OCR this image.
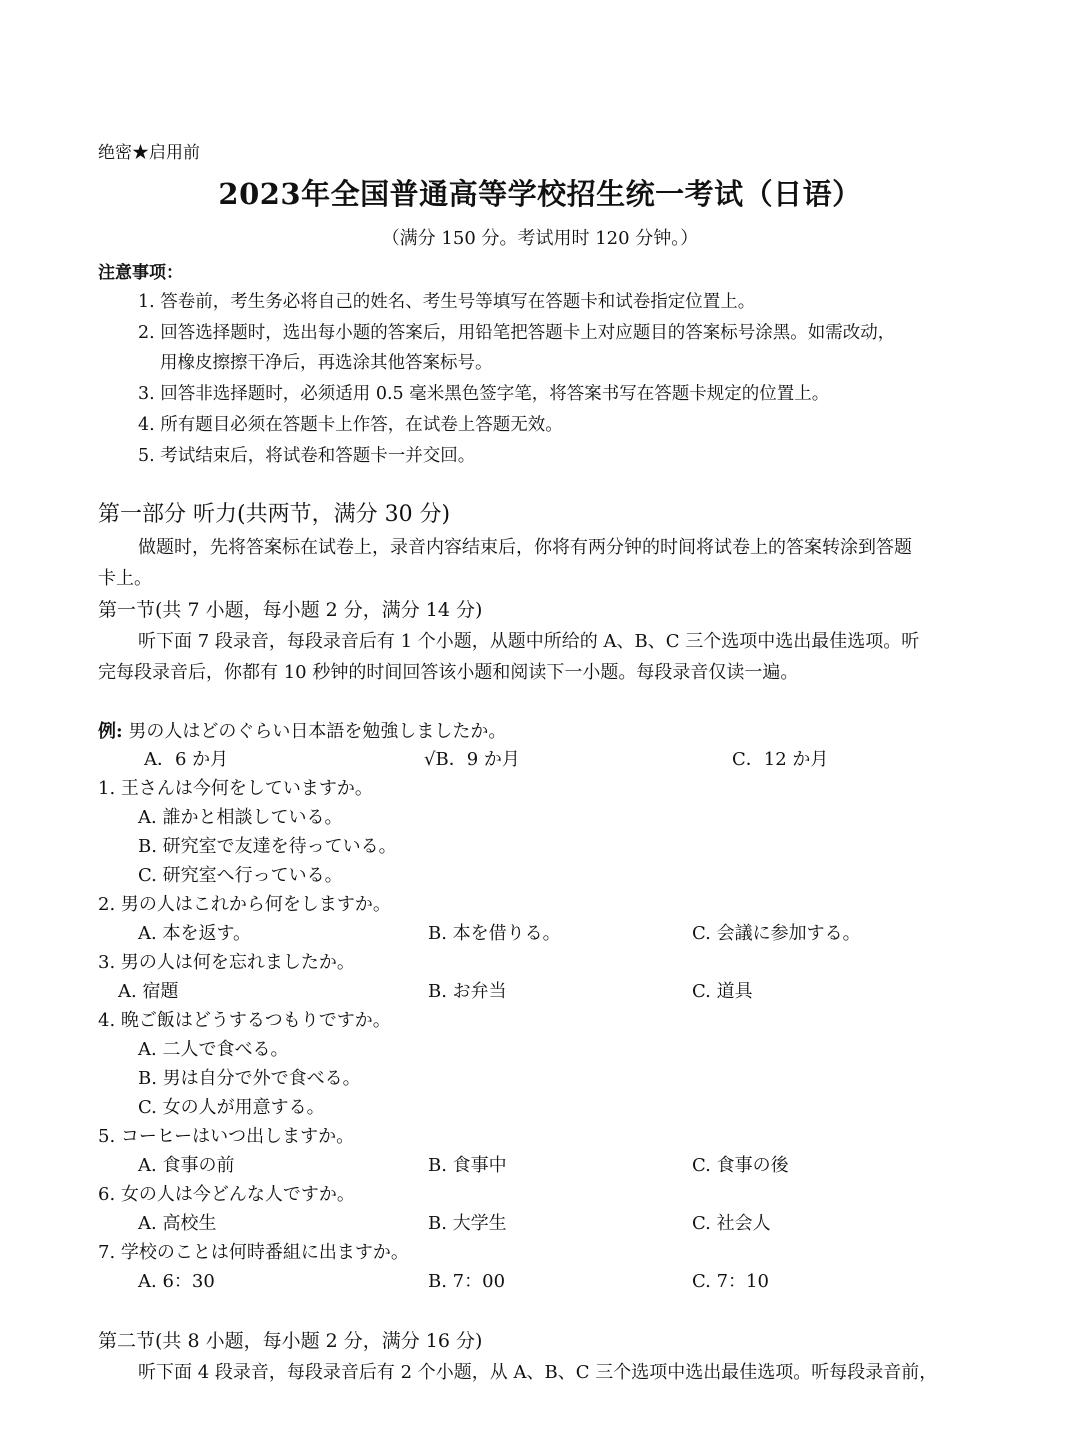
绝密★启用前
2023年全国普通高等学校招生统一考试（日语）
（满分 150 分。考试用时 120 分钟。）
注意事项：
1. 答卷前，考生务必将自己的姓名、考生号等填写在答题卡和试卷指定位置上。
2. 回答选择题时，选出每小题的答案后，用铅笔把答题卡上对应题目的答案标号涂黑。如需改动，
用橡皮擦擦干净后，再选涂其他答案标号。
3. 回答非选择题时，必须适用 0.5 毫米黑色签字笔，将答案书写在答题卡规定的位置上。
4. 所有题目必须在答题卡上作答，在试卷上答题无效。
5. 考试结束后，将试卷和答题卡一并交回。
第一部分 听力(共两节，满分 30 分)
做题时，先将答案标在试卷上，录音内容结束后，你将有两分钟的时间将试卷上的答案转涂到答题
卡上。
第一节(共 7 小题，每小题 2 分，满分 14 分)
听下面 7 段录音，每段录音后有 1 个小题，从题中所给的 A、B、C 三个选项中选出最佳选项。听
完每段录音后，你都有 10 秒钟的时间回答该小题和阅读下一小题。每段录音仅读一遍。
例: 男の人はどのぐらい日本語を勉強しましたか。
A．6 か月	√B．9 か月	C．12 か月
1. 王さんは今何をしていますか。
A. 誰かと相談している。
B. 研究室で友達を待っている。
C. 研究室へ行っている。
2. 男の人はこれから何をしますか。
A. 本を返す。	B. 本を借りる。	C. 会議に参加する。
3. 男の人は何を忘れましたか。
A. 宿題	B. お弁当	C. 道具
4. 晩ご飯はどうするつもりですか。
A. 二人で食べる。
B. 男は自分で外で食べる。
C. 女の人が用意する。
5. コーヒーはいつ出しますか。
A. 食事の前	B. 食事中	C. 食事の後
6. 女の人は今どんな人ですか。
A. 高校生	B. 大学生	C. 社会人
7. 学校のことは何時番組に出ますか。
A. 6：30	B. 7：00	C. 7：10
第二节(共 8 小题，每小题 2 分，满分 16 分)
听下面 4 段录音，每段录音后有 2 个小题，从 A、B、C 三个选项中选出最佳选项。听每段录音前，
